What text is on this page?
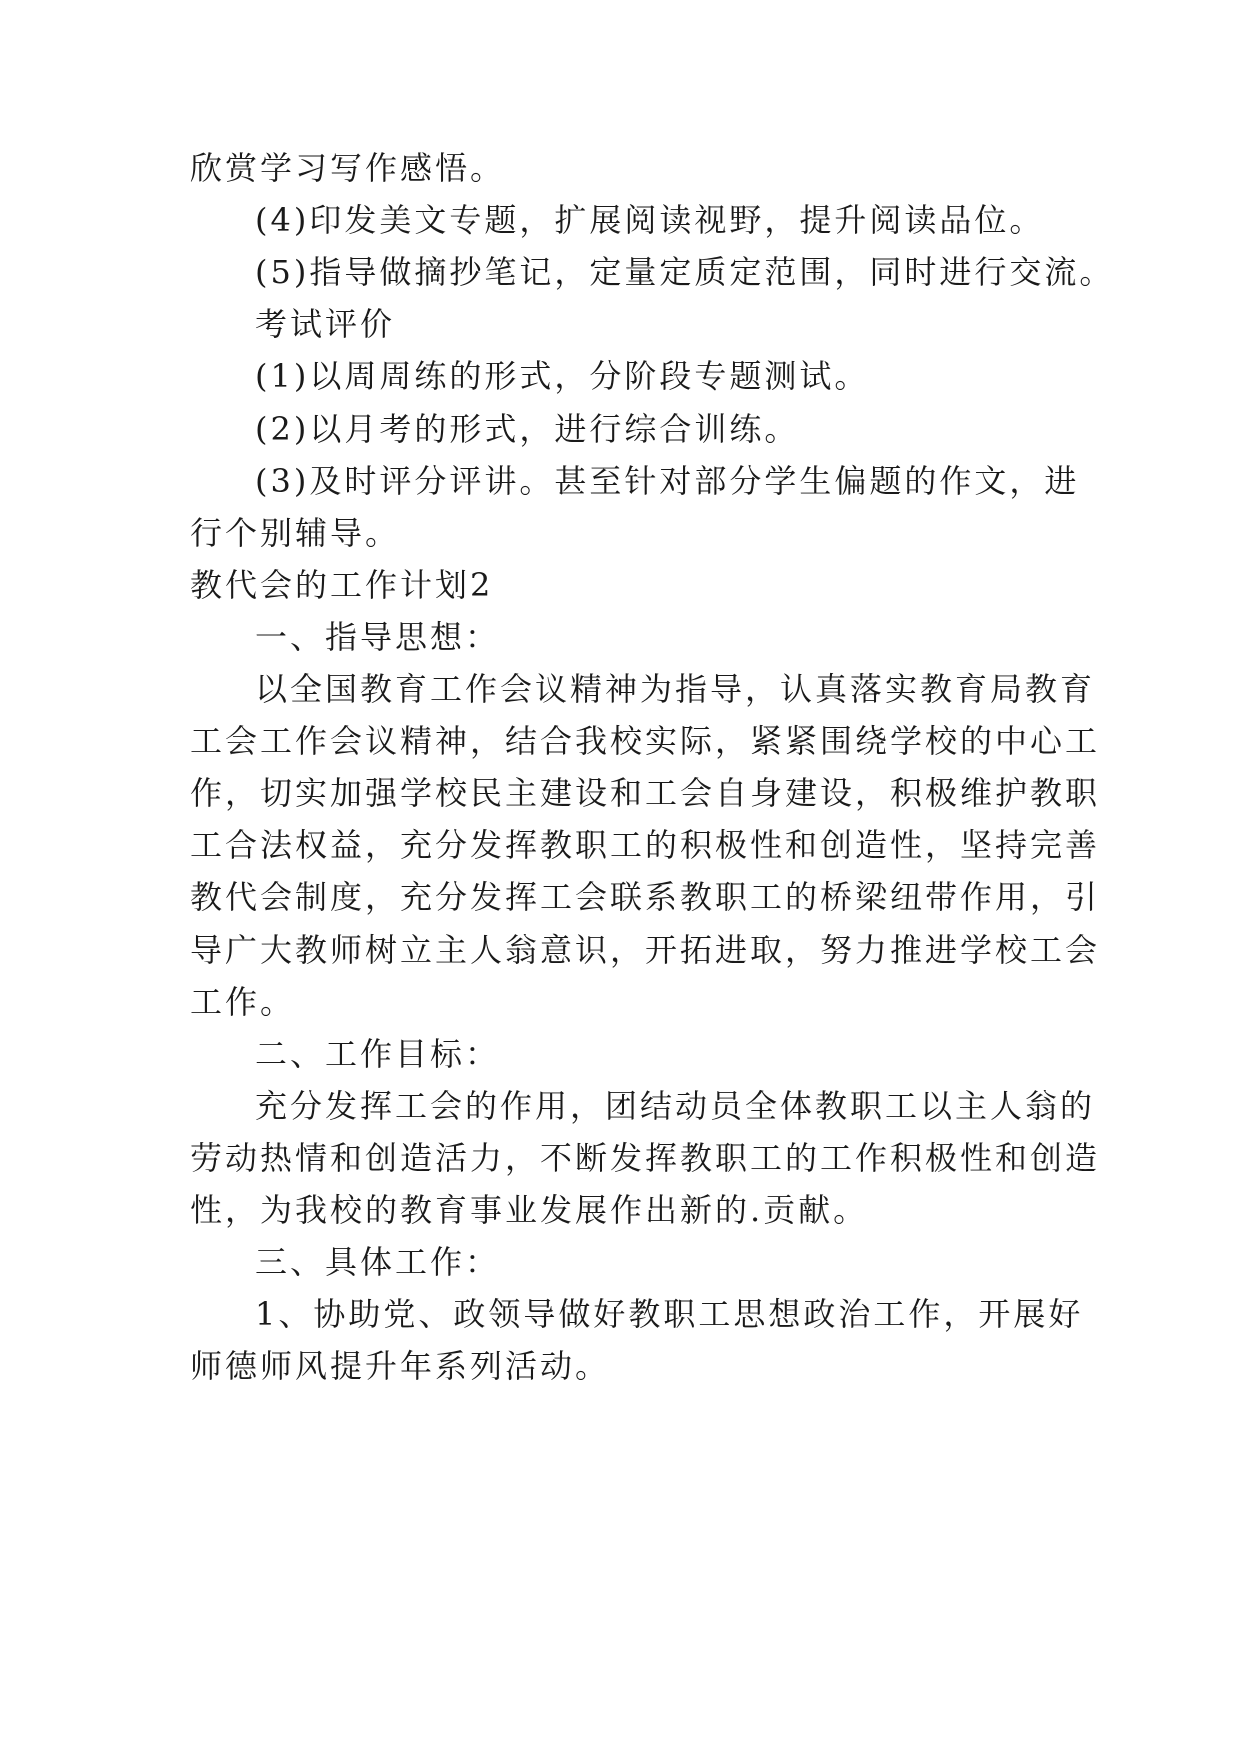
欣赏学习写作感悟。
(4)印发美文专题，扩展阅读视野，提升阅读品位。
(5)指导做摘抄笔记，定量定质定范围，同时进行交流。
考试评价
(1)以周周练的形式，分阶段专题测试。
(2)以月考的形式，进行综合训练。
(3)及时评分评讲。甚至针对部分学生偏题的作文，进
行个别辅导。
教代会的工作计划2
一、指导思想：
以全国教育工作会议精神为指导，认真落实教育局教育
工会工作会议精神，结合我校实际，紧紧围绕学校的中心工
作，切实加强学校民主建设和工会自身建设，积极维护教职
工合法权益，充分发挥教职工的积极性和创造性，坚持完善
教代会制度，充分发挥工会联系教职工的桥梁纽带作用，引
导广大教师树立主人翁意识，开拓进取，努力推进学校工会
工作。
二、工作目标：
充分发挥工会的作用，团结动员全体教职工以主人翁的
劳动热情和创造活力，不断发挥教职工的工作积极性和创造
性，为我校的教育事业发展作出新的.贡献。
三、具体工作：
1、协助党、政领导做好教职工思想政治工作，开展好
师德师风提升年系列活动。
